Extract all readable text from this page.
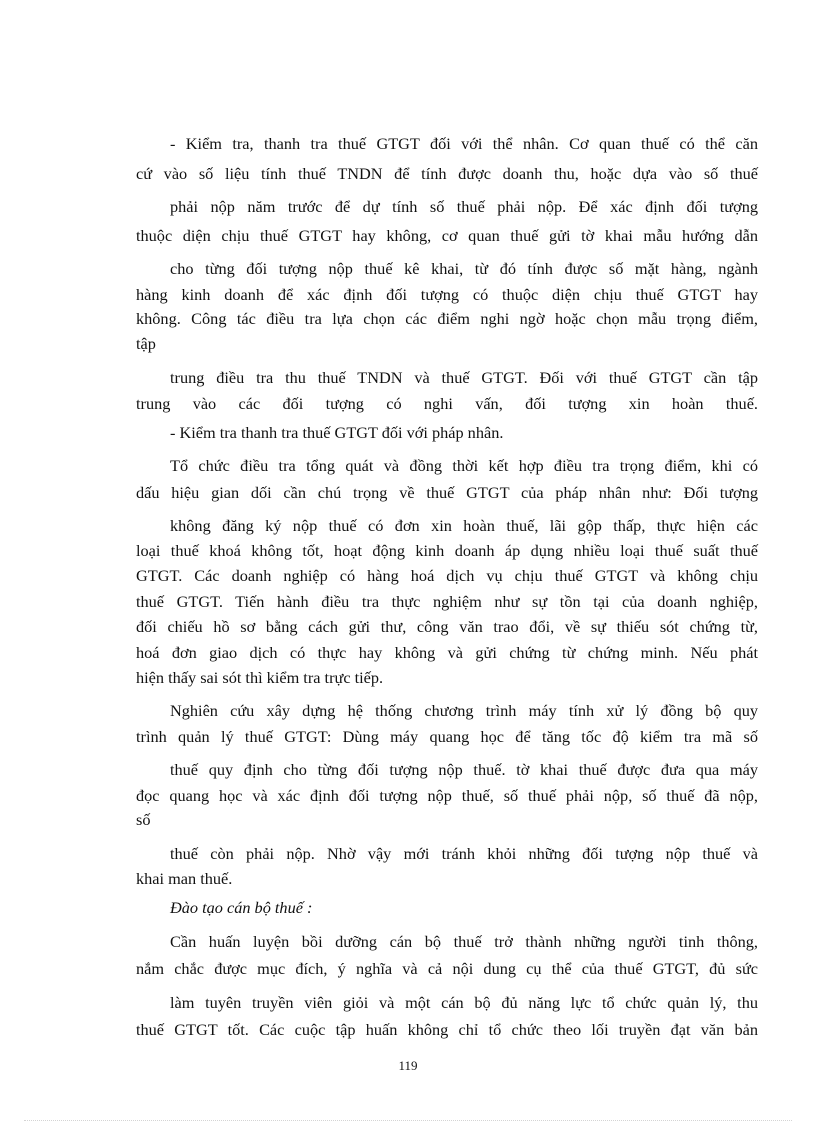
- Kiểm tra, thanh tra thuế GTGT đối với thể nhân. Cơ quan thuế có thể căn
cứ vào số liệu tính thuế TNDN để tính được doanh thu, hoặc dựa vào số thuế
phải nộp năm trước để dự tính số thuế phải nộp. Để xác định đối tượng
thuộc diện chịu thuế GTGT hay không, cơ quan thuế gửi tờ khai mẫu hướng dẫn
cho từng đối tượng nộp thuế kê khai, từ đó tính được số mặt hàng, ngành
hàng kinh doanh để xác định đối tượng có thuộc diện chịu thuế GTGT hay
không. Công tác điều tra lựa chọn các điểm nghi ngờ hoặc chọn mẫu trọng điểm,
tập
trung điều tra thu thuế TNDN và thuế GTGT. Đối với thuế GTGT cần tập
trung vào các đối tượng có nghi vấn, đối tượng xin hoàn thuế.
- Kiểm tra thanh tra thuế GTGT đối với pháp nhân.
Tổ chức điều tra tổng quát và đồng thời kết hợp điều tra trọng điểm, khi có
dấu hiệu gian dối cần chú trọng về thuế GTGT của pháp nhân như: Đối tượng
không đăng ký nộp thuế có đơn xin hoàn thuế, lãi gộp thấp, thực hiện các
loại thuế khoá không tốt, hoạt động kinh doanh áp dụng nhiều loại thuế suất thuế
GTGT. Các doanh nghiệp có hàng hoá dịch vụ chịu thuế GTGT và không chịu
thuế GTGT. Tiến hành điều tra thực nghiệm như sự tồn tại của doanh nghiệp,
đối chiếu hồ sơ bằng cách gửi thư, công văn trao đổi, về sự thiếu sót chứng từ,
hoá đơn giao dịch có thực hay không và gửi chứng từ chứng minh. Nếu phát
hiện thấy sai sót thì kiểm tra trực tiếp.
Nghiên cứu xây dựng hệ thống chương trình máy tính xử lý đồng bộ quy
trình quản lý thuế GTGT: Dùng máy quang học để tăng tốc độ kiểm tra mã số
thuế quy định cho từng đối tượng nộp thuế. tờ khai thuế được đưa qua máy
đọc quang học và xác định đối tượng nộp thuế, số thuế phải nộp, số thuế đã nộp,
số
thuế còn phải nộp. Nhờ vậy mới tránh khỏi những đối tượng nộp thuế và
khai man thuế.
Đào tạo cán bộ thuế :
Cần huấn luyện bồi dưỡng cán bộ thuế trở thành những người tinh thông,
nắm chắc được mục đích, ý nghĩa và cả nội dung cụ thể của thuế GTGT, đủ sức
làm tuyên truyền viên giỏi và một cán bộ đủ năng lực tổ chức quản lý, thu
thuế GTGT tốt. Các cuộc tập huấn không chỉ tổ chức theo lối truyền đạt văn bản
119
